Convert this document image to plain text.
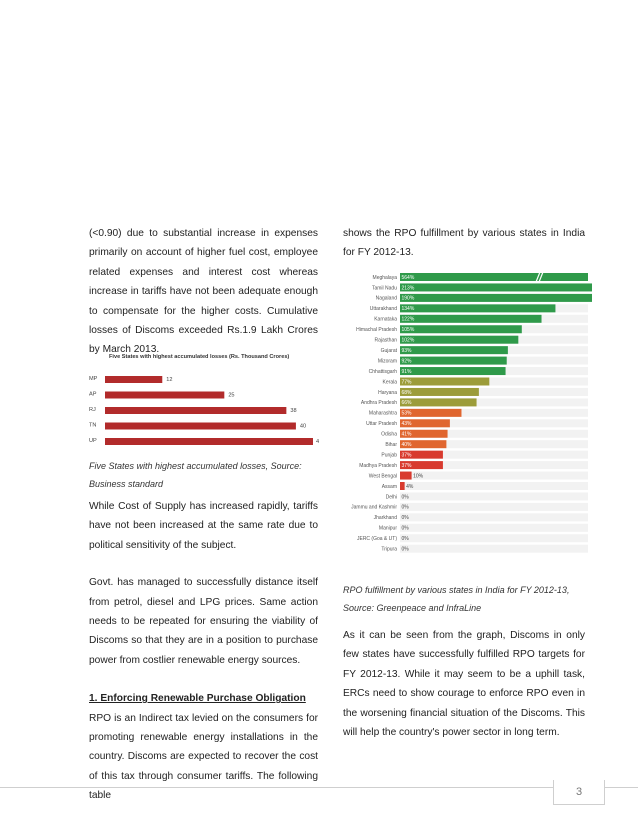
(<0.90) due to substantial increase in expenses primarily on account of higher fuel cost, employee related expenses and interest cost whereas increase in tariffs have not been adequate enough to compensate for the higher costs. Cumulative losses of Discoms exceeded Rs.1.9 Lakh Crores by March 2013.

Five States with highest accumulated losses (Rs. Thousand Crores)
MP	12
AP	25
RJ	38
TN	40
UP	4

Five States with highest accumulated losses, Source: Business standard

While Cost of Supply has increased rapidly, tariffs have not been increased at the same rate due to political sensitivity of the subject.

Govt. has managed to successfully distance itself from petrol, diesel and LPG prices. Same action needs to be repeated for ensuring the viability of Discoms so that they are in a position to purchase power from costlier renewable energy sources.

1. Enforcing Renewable Purchase Obligation

RPO is an Indirect tax levied on the consumers for promoting renewable energy installations in the country. Discoms are expected to recover the cost of this tax through consumer tariffs. The following table

shows the RPO fulfillment by various states in India for FY 2012-13.

Meghalaya 564%
Tamil Nadu 213%
Nagaland 190%
Uttarakhand 134%
Karnataka 122%
Himachal Pradesh 105%
Rajasthan 102%
Gujarat 93%
Mizoram 92%
Chhattisgarh 91%
Kerala 77%
Haryana 68%
Andhra Pradesh 66%
Maharashtra 53%
Uttar Pradesh 43%
Odisha 41%
Bihar 40%
Punjab 37%
Madhya Pradesh 37%
West Bengal	10%
Assam 4%
Delhi 0%
Jammu and Kashmir 0%
Jharkhand 0%
Manipur 0%
JERC (Goa & UT) 0%
Tripura 0%

RPO fulfillment by various states in India for FY 2012-13, Source: Greenpeace and InfraLine

As it can be seen from the graph, Discoms in only few states have successfully fulfilled RPO targets for FY 2012-13. While it may seem to be a uphill task, ERCs need to show courage to enforce RPO even in the worsening financial situation of the Discoms. This will help the country's power sector in long term.

3
